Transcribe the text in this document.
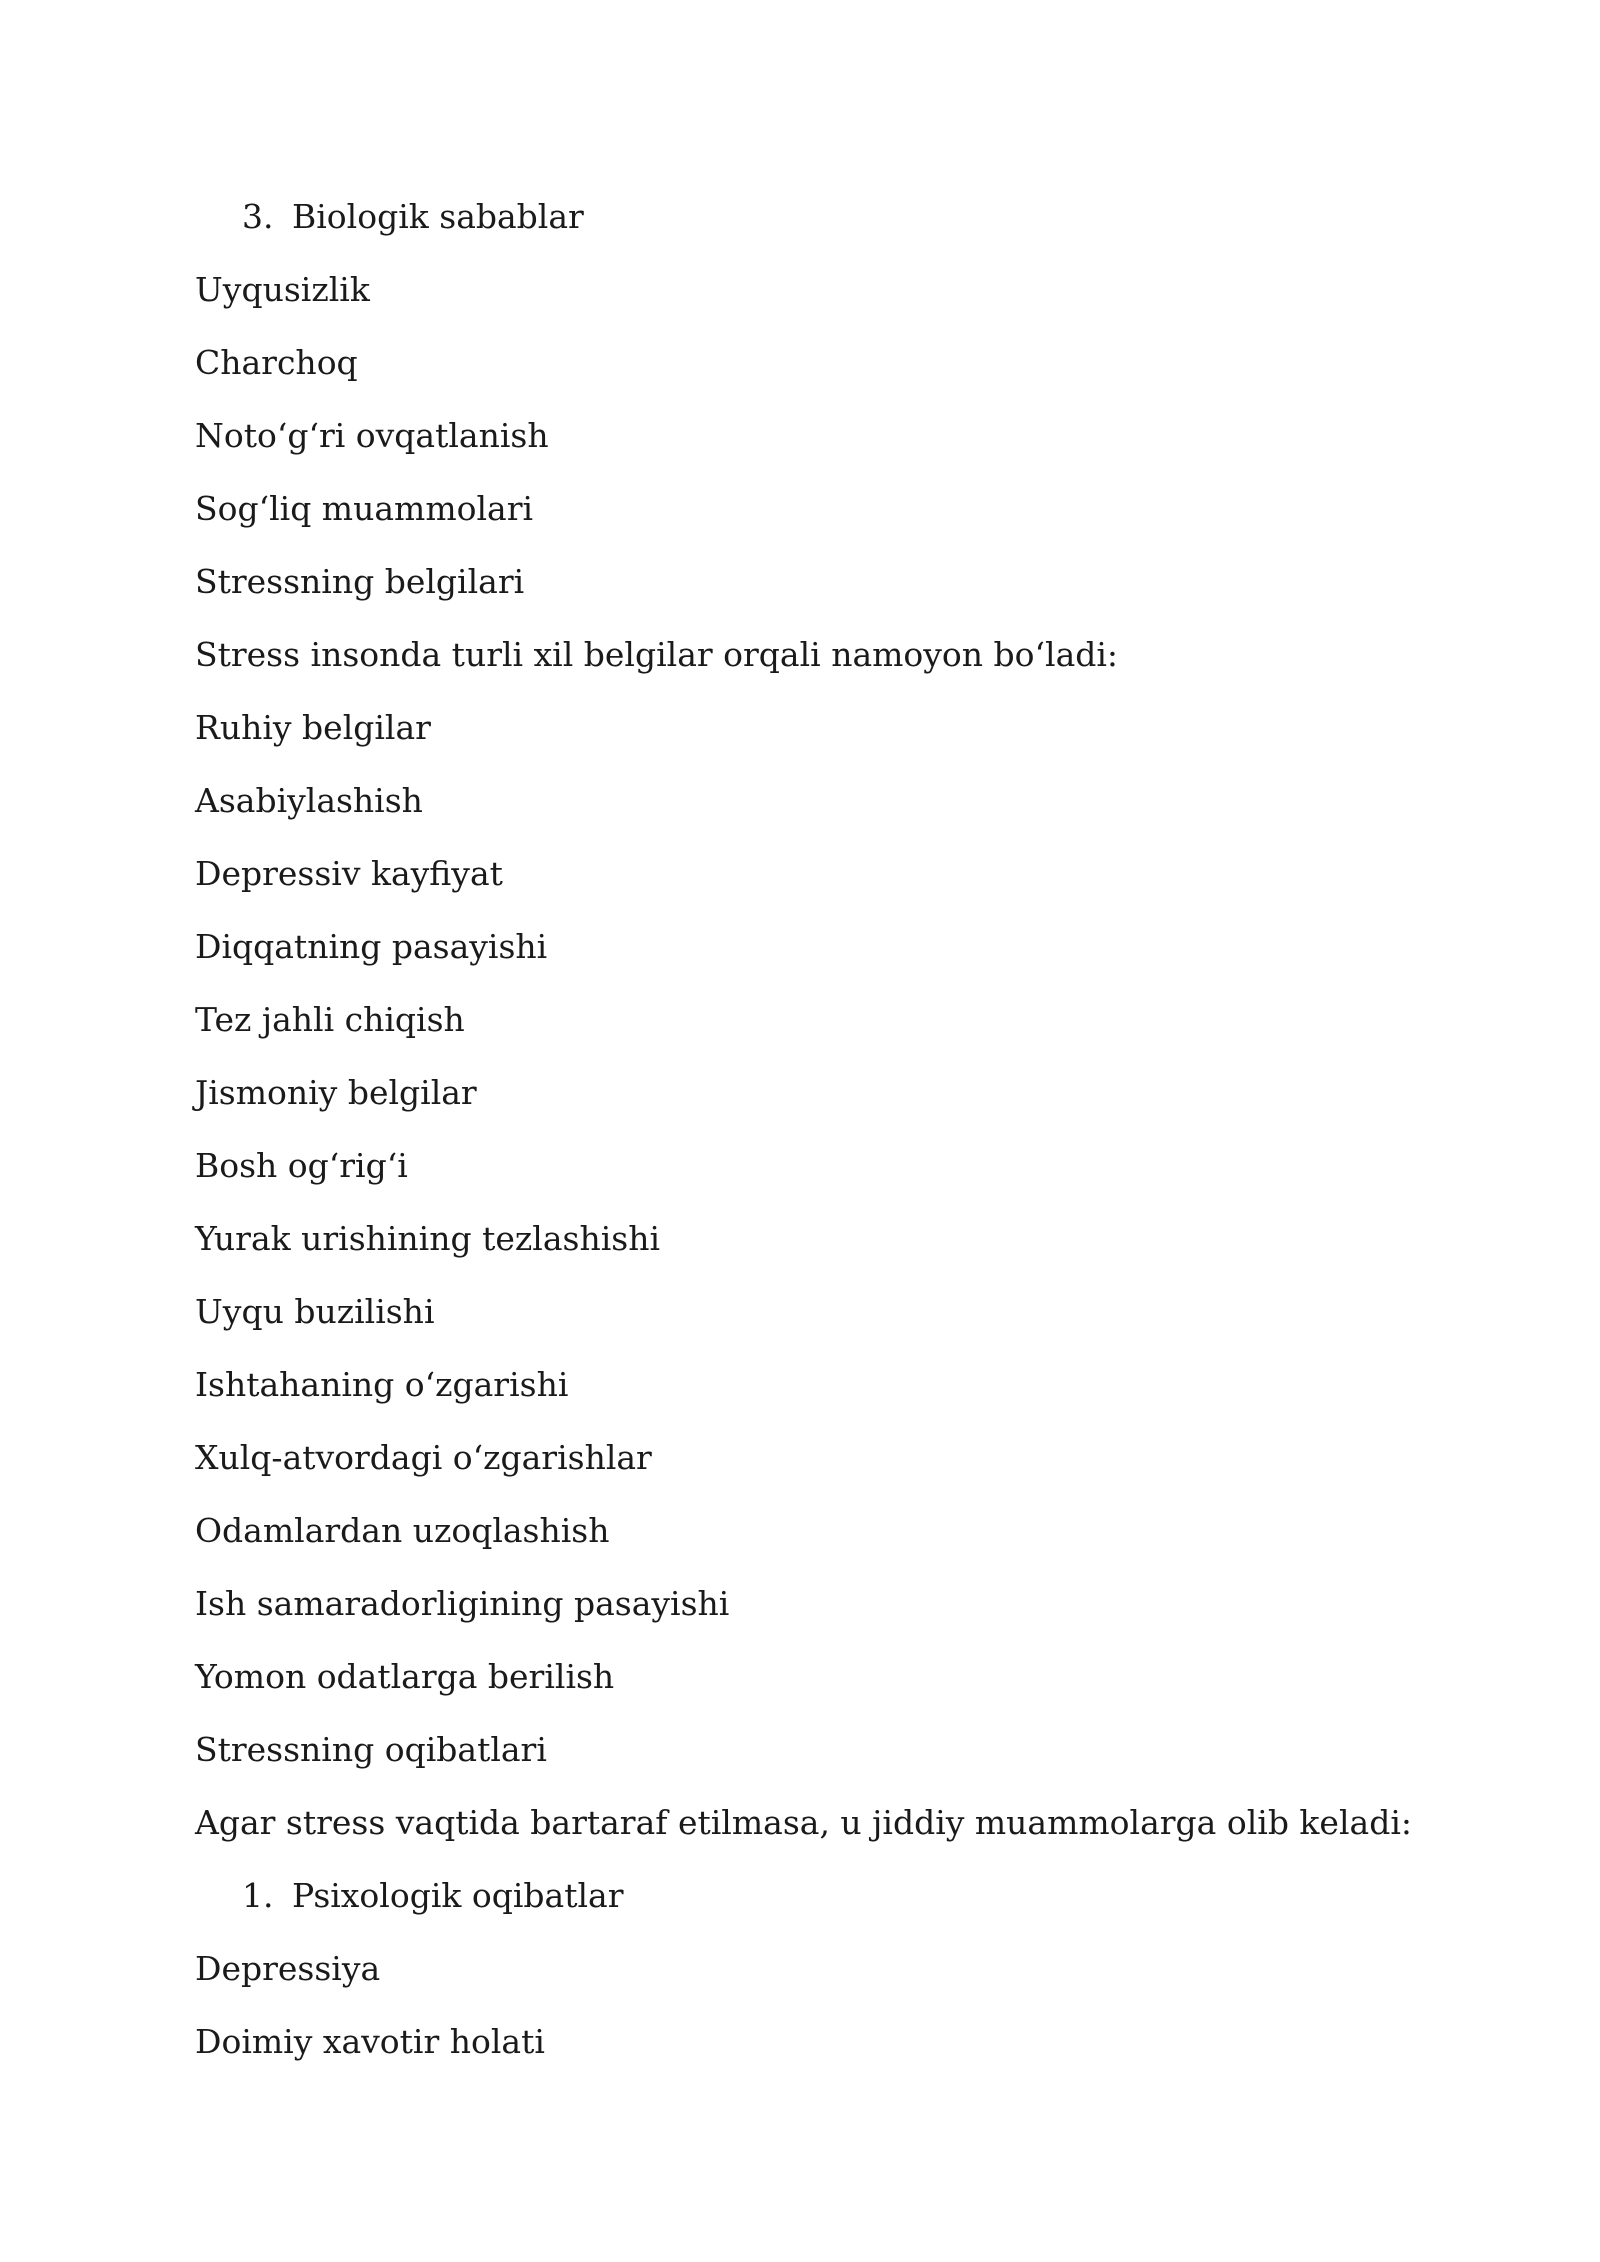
3. Biologik sabablar
Uyqusizlik
Charchoq
Noto‘g‘ri ovqatlanish
Sog‘liq muammolari
Stressning belgilari
Stress insonda turli xil belgilar orqali namoyon bo‘ladi:
Ruhiy belgilar
Asabiylashish
Depressiv kayfiyat
Diqqatning pasayishi
Tez jahli chiqish
Jismoniy belgilar
Bosh og‘rig‘i
Yurak urishining tezlashishi
Uyqu buzilishi
Ishtahaning o‘zgarishi
Xulq-atvordagi o‘zgarishlar
Odamlardan uzoqlashish
Ish samaradorligining pasayishi
Yomon odatlarga berilish
Stressning oqibatlari
Agar stress vaqtida bartaraf etilmasa, u jiddiy muammolarga olib keladi:
1. Psixologik oqibatlar
Depressiya
Doimiy xavotir holati
